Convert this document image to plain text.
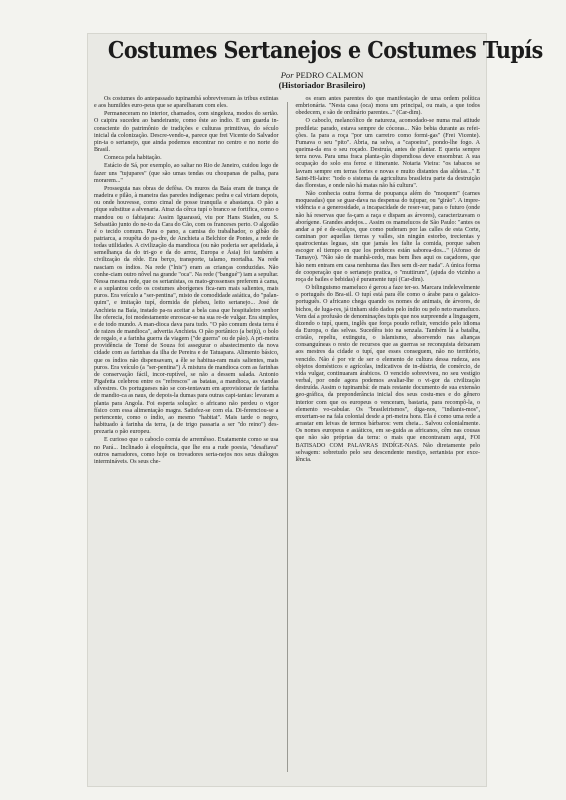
Costumes Sertanejos e Costumes Tupís
Por PEDRO CALMON
(Historiador Brasileiro)

Os costumes do antepassado tupinambá sobreviveram às tribus extintas e aos humildes euro-peus que se aparelharam com eles.

Permaneceram no interior, chamados, com singeleza, modos do sertão. O caipira sucedeu ao bandeirante, como êste ao índio. E um guarda in-consciente do patrimônio de tradições e culturas primitivas, do século inicial da colonização. Descre-vendo-a, parece que frei Vicente do Salvador pin-ta o sertanejo, que ainda podemos encontrar no centro e no norte do Brasil.

Comeca pela habitação.

Estácio de Sá, por exemplo, ao saltar no Rio de Janeiro, cuidou logo de fazer uns "tujupares" (que são umas tendas ou choupanas de palha, para morarem..."

Prosseguia nas obras de defêsa. Os muros da Baía eram de trança de madeira e pilão, à maneira das paredes indígenas: pedra e cal viriam depois, ou onde houvesse, como cimal de posse tranquila e abastança. O pão a pique substitue a alvenaria. Atraz da cêrca tupí o branco se fortifica, como o mandou ou o fabiajara: Assim Iguarassú, viu por Hans Staden, ou S. Sebastião junto do ne-to da Cara do Cão, com os franceses perto. O algodão é o tecido comum. Para o pano, a camisa do trabalhador, o gibão do patriarca, a roupêta do pa-dre, de Anchieta a Belchior de Pontes, a rede de todas utilidades. A civilização da mandioca (ou não poderia ser apelidada, à semelhança da do tri-go e da do arroz, Europa e Ásia) foi também a civilização da rêde. Era berço, transporte, talamo, mortalha. Na rede nasciam os índios. Na rede ("lnis") eram as crianças conduzidas. Não conhe-ciam outro nôvel na grande "oca". Na rede ("bangué") iam a sepultar. Nessa mesma rede, que os sertanistas, os mato-grossenses preferem à cama, e a suplantou cedo os costumes aborígenes fica-ram mais salientes, mais puros. Era veículo a "ser-pentina", misto de comodidade asiática, do "palan-quim", e imitação tupí, dormida de plebeu, leito sertanejo... José de Anchieta na Baía, instado pa-ra aceitar a bela casa que hospitaleiro senhor lhe oferecia, foi modestamente enroscar-se na sua re-de vulgar. Era simples, e de todo mundo. A man-dioca dava para tudo. "O pão comum desta terra é de raizes de mandioca", advertia Anchieta. O pão portânico (a beijú), o bolo de regalo, e a farinha guerra da viagem ("de guerra" ou de pão). A pri-meira providência de Tomé de Souza foi assegurar o abastecimento da nova cidade com as farinhas da ilha de Pereira e de Tatuapara. Alimento básico, que os índios não dispensavam, a êle se habitua-ram mais salientes, mais puros. Era veículo (a "ser-pentina") Á mistura de mandioca com as farinhas de conservação fácil, incor-ruptível, se não a dessem salada. Antonio Pigafetta celebrou entre os "refrescos" as batatas, a mandioca, as viandas silvestres. Os portugueses não se con-tentavam em aprovisionar de farinha de mandio-ca as naus, de depois-la dumas para outras capi-tanias: levaram a planta para Angola. Foi esperta solução: o africano não perdeu o vigor físico com essa alimentação magra. Satisfez-se com ela. Di-ferenciou-se a pertencente, como o índio, ao mesmo "habitat". Mais tarde o negro, habituado à farinha da terra, (a de trigo passaria a ser "do reino") des-prezaria o pão europeu.

E curioso que o caboclo comia de arremêsso. Exatamente como se usa no Pará... Inclinado à eloquência, que lhe era a rude poesia, "desafiava" outros narradores, como hoje os trovadores serta-nejos nos seus diálogos intermináveis. Os seus che-

os eram antes parentes do que manifestação de uma ordem política embrionária. "Nesta casa (oca) mora um principal, ou mais, a que todos obedecem, e são de ordinário parentes..." (Car-dim).

O caboclo, melancólico de natureza, acomodado-se numa mal atitude predileta: parado, estava sempre de cócoras... Não bebia durante as refei-ções. Ia para a roça "por um carreiro como formi-gas" (Frei Vicente). Fumava o seu "pito". Abria, na selva, a "capoeira", pondo-lhe fogo. A queima-da era o seu roçado. Destruía, antes de plantar. E queria sempre terra nova. Para uma fraca planta-ção dispendiosa deve ensombrar. A sua ocupação do solo era feroz e itinerante. Notaria Vieira: "os tabacos se lavram sempre em terras fortes e novas e muito distantes das aldeias..." E Saint-Hi-laire: "todo o sistema da agricultura brasileira parte da destruição das florestas, e onde não há matas não há cultura".

Não conhecia outra forma de poupança além do "moquem" (carnes moqueadas) que se guar-dava na despensa do tujupar, ou "girão". A impre-vidência e a generosidade, a incapacidade de reser-var, para o futuro (onde não há reservas que fa-çam a raça e dispam as árvores), caracterizavam o aborígene. Grandes andejos... Assim os mamelucos de São Paulo: "antes os andar a pé e de-scalços, que como puderam por las calles de esta Corte, caminan por aquellas tierras y valles, sin ningún estorbo, trecientas y quatrocientas leguas, sin que jamás les falte la comida, porque saben escoger el tiempo en que los preñeces están saborea-dos..." (Afonso de Tamayo). "Não são de manhã-cedo, mas bem lhes aqui os caçadores, que hão nem entram em casa nenhuma das lhes sem di-zer nada". A única forma de cooperação que o sertanejo pratica, o "muttirum", (ajuda do vizinho a roça de bailes e bebidas) é puramente tupí (Car-dim).

O bilinguismo mameluco é gerou a faze ter-so. Marcara indelevelmente o português do Bra-sil. O tupí está para êle como o árabe para o galaico-português. O africano chega quando os nomes de animais, de árvores, de bichos, de luga-res, já tinham sido dados pelo índio ou pelo neto mameluco. Vem daí a profusão de denominações tupis que nos surpreende a linguagem, dizendo o tupí, quem, inglês que força poudo refluir, vencido pelo idioma da Europa, o das selvas. Sucedêra isto na senzala. Também lá a batalha, cristão, repeliu, extinguiu, o islamismo, absorvendo nas alianças consanguíneas o resto de recursos que as guerras se reconquista deixaram aos mestres da cidade o tupí, que esses conseguem, não no território, vencido. Não é por vir de ser o elemento de cultura dessa rudeza, aos objetos domésticos e agrícolas, indicativos de in-dústria, de comércio, de vida vulgar, continuaram árabicos. O vencido sobreviveu, no seu vestígio verbal, por onde agora podemos avaliar-lhe o vi-gor da civilização destruída. Assim o tupinambá: de mais restante documento de sua extensão geo-gráfica, da preponderância inicial dos seus costu-mes e do gênero interior com que os europeus o venceram, bastaria, para recompô-la, o elemento vo-cabular. Os "brasileirismos", diga-nos, "indianis-mos", enxertam-se na fala colonial desde a pri-meira hora. Ela é como uma rede a arrastar em leivas de termos bárbaros: vem cheia... Salvou colonialmente. Os nomes europeus e asiáticos, em se-guida as africanos, cêm nas cousas que não são próprias da terra: o mais que encontraram aqui, FOI BATISADO COM PALAVRAS INDÍGE-NAS. Não diretamente pelo selvagem: sobretudo pelo seu descendente mestiço, sertanista por exce-lência.
